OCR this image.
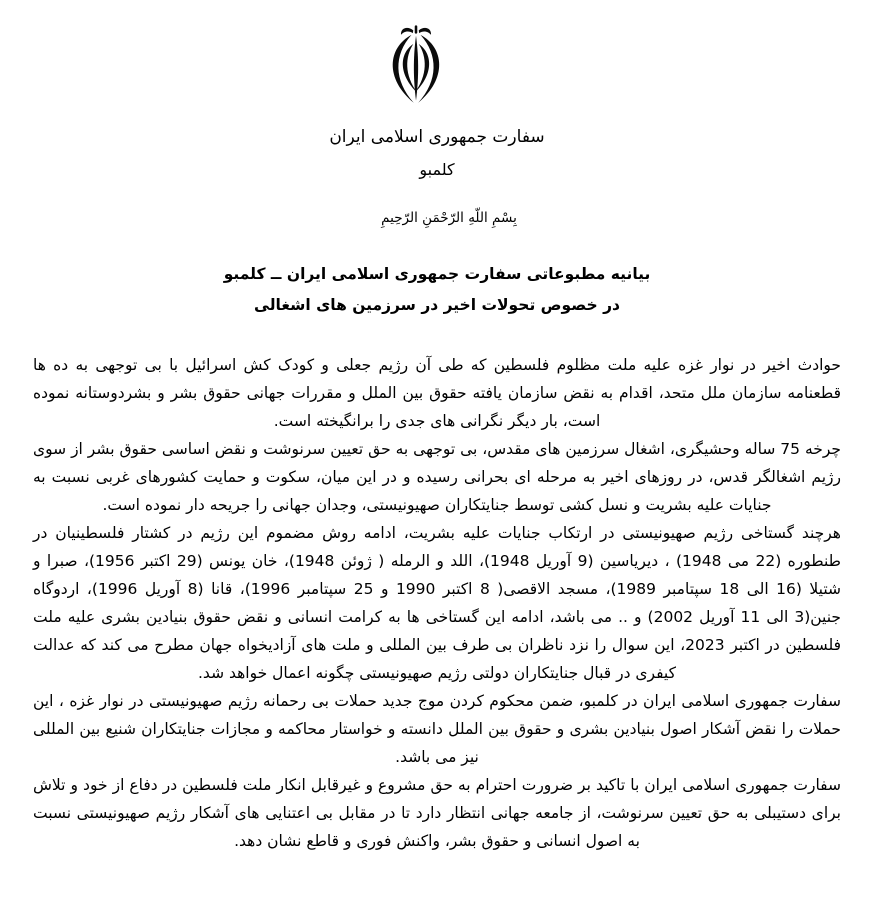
سفارت جمهوری اسلامی ایران
کلمبو
بِسْمِ اللّهِ الرّحْمَنِ الرّحِيمِ
بیانیه مطبوعاتی سفارت جمهوری اسلامی ایران ــ کلمبو
در خصوص تحولات اخیر در سرزمین های اشغالی

حوادث اخیر در نوار غزه علیه ملت مظلوم فلسطین که طی آن رژیم جعلی و کودک کش اسرائیل با بی توجهی به ده ها قطعنامه سازمان ملل متحد، اقدام به نقض سازمان یافته حقوق بین الملل و مقررات جهانی حقوق بشر و بشردوستانه نموده است، بار دیگر نگرانی های جدی را برانگیخته است.

چرخه 75 ساله وحشیگری، اشغال سرزمین های مقدس، بی توجهی به حق تعیین سرنوشت و نقض اساسی حقوق بشر از سوی رژیم اشغالگر قدس، در روزهای اخیر به مرحله ای بحرانی رسیده و در این میان، سکوت و حمایت کشورهای غربی نسبت به جنایات علیه بشریت و نسل کشی توسط جنایتکاران صهیونیستی، وجدان جهانی را جریحه دار نموده است.

هرچند گستاخی رژیم صهیونیستی در ارتکاب جنایات علیه بشریت، ادامه روش مضموم این رژیم در کشتار فلسطینیان در طنطوره (22 می 1948) ، دیریاسین (9 آوریل 1948)، اللد و الرمله ( ژوئن 1948)، خان یونس (29 اکتبر 1956)، صبرا و شتیلا (16 الی 18 سپتامبر 1989)، مسجد الاقصی( 8 اکتبر 1990 و 25 سپتامبر 1996)، قانا (8 آوریل 1996)، اردوگاه جنین(3 الی 11 آوریل 2002) و .. می باشد، ادامه این گستاخی ها به کرامت انسانی و نقض حقوق بنیادین بشری علیه ملت فلسطین در اکتبر 2023، این سوال را نزد ناظران بی طرف بین المللی و ملت های آزادیخواه جهان مطرح می کند که عدالت کیفری در قبال جنایتکاران دولتی رژیم صهیونیستی چگونه اعمال خواهد شد.

سفارت جمهوری اسلامی ایران در کلمبو، ضمن محکوم کردن موج جدید حملات بی رحمانه رژیم صهیونیستی در نوار غزه ، این حملات را نقض آشکار اصول بنیادین بشری و حقوق بین الملل دانسته و خواستار محاکمه و مجازات جنایتکاران شنیع بین المللی نیز می باشد.

سفارت جمهوری اسلامی ایران با تاکید بر ضرورت احترام به حق مشروع و غیرقابل انکار ملت فلسطین در دفاع از خود و تلاش برای دستیبلی به حق تعیین سرنوشت، از جامعه جهانی انتظار دارد تا در مقابل بی اعتنایی های آشکار رژیم صهیونیستی نسبت به اصول انسانی و حقوق بشر، واکنش فوری و قاطع نشان دهد.
